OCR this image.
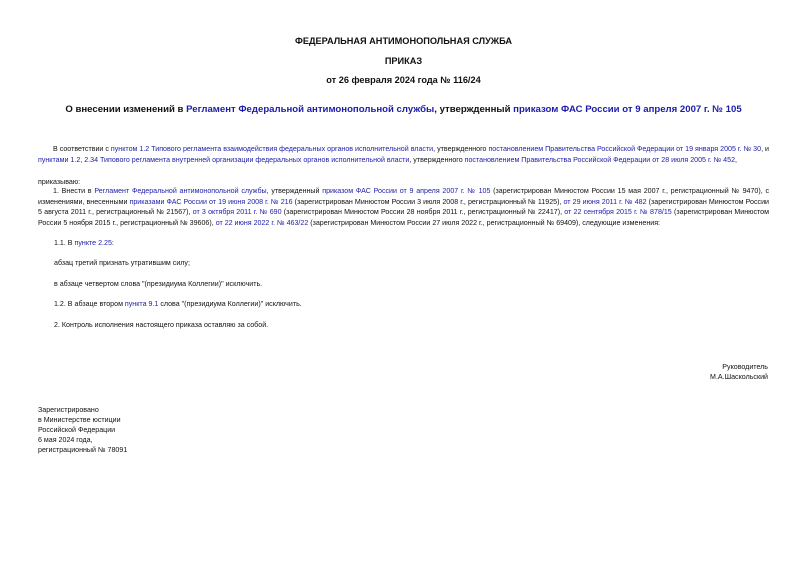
ФЕДЕРАЛЬНАЯ АНТИМОНОПОЛЬНАЯ СЛУЖБА
ПРИКАЗ
от 26 февраля 2024 года № 116/24
О внесении изменений в Регламент Федеральной антимонопольной службы, утвержденный приказом ФАС России от 9 апреля 2007 г. № 105
В соответствии с пунктом 1.2 Типового регламента взаимодействия федеральных органов исполнительной власти, утвержденного постановлением Правительства Российской Федерации от 19 января 2005 г. № 30, и пунктами 1.2, 2.34 Типового регламента внутренней организации федеральных органов исполнительной власти, утвержденного постановлением Правительства Российской Федерации от 28 июля 2005 г. № 452,
приказываю:
1. Внести в Регламент Федеральной антимонопольной службы, утвержденный приказом ФАС России от 9 апреля 2007 г. № 105 (зарегистрирован Минюстом России 15 мая 2007 г., регистрационный № 9470), с изменениями, внесенными приказами ФАС России от 19 июня 2008 г. № 216 (зарегистрирован Минюстом России 3 июля 2008 г., регистрационный № 11925), от 29 июня 2011 г. № 482 (зарегистрирован Минюстом России 5 августа 2011 г., регистрационный № 21567), от 3 октября 2011 г. № 690 (зарегистрирован Минюстом России 28 ноября 2011 г., регистрационный № 22417), от 22 сентября 2015 г. № 878/15 (зарегистрирован Минюстом России 5 ноября 2015 г., регистрационный № 39606), от 22 июня 2022 г. № 463/22 (зарегистрирован Минюстом России 27 июля 2022 г., регистрационный № 69409), следующие изменения:
1.1. В пункте 2.25:
абзац третий признать утратившим силу;
в абзаце четвертом слова "(президиума Коллегии)" исключить.
1.2. В абзаце втором пункта 9.1 слова "(президиума Коллегии)" исключить.
2. Контроль исполнения настоящего приказа оставляю за собой.
Руководитель
М.А.Шаскольский
Зарегистрировано
в Министерстве юстиции
Российской Федерации
6 мая 2024 года,
регистрационный № 78091
